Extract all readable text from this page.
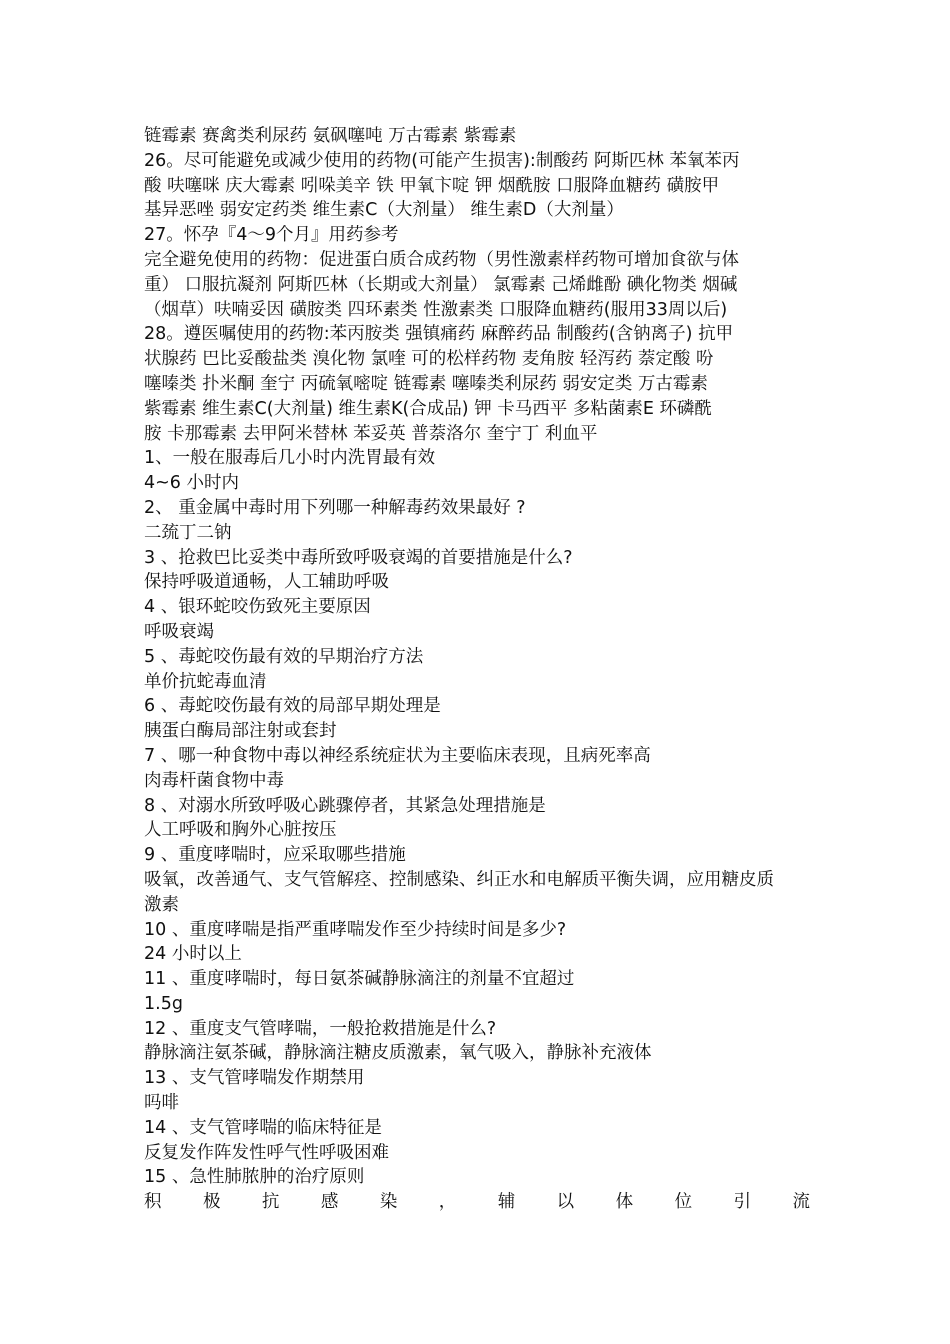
链霉素 赛禽类利尿药 氨砜噻吨 万古霉素 紫霉素
26。尽可能避免或减少使用的药物(可能产生损害):制酸药 阿斯匹林 苯氧苯丙
酸 呋噻咪 庆大霉素 吲哚美辛 铁 甲氧卞啶 钾 烟酰胺 口服降血糖药 磺胺甲
基异恶唑 弱安定药类 维生素C（大剂量） 维生素D（大剂量）
27。怀孕『4～9个月』用药参考
完全避免使用的药物：促进蛋白质合成药物（男性激素样药物可增加食欲与体
重） 口服抗凝剂 阿斯匹林（长期或大剂量） 氯霉素 己烯雌酚 碘化物类 烟碱
（烟草）呋喃妥因 磺胺类 四环素类 性激素类 口服降血糖药(服用33周以后)
28。遵医嘱使用的药物:苯丙胺类 强镇痛药 麻醉药品 制酸药(含钠离子) 抗甲
状腺药 巴比妥酸盐类 溴化物 氯喹 可的松样药物 麦角胺 轻泻药 萘定酸 吩
噻嗪类 扑米酮 奎宁 丙硫氧嘧啶 链霉素 噻嗪类利尿药 弱安定类 万古霉素
紫霉素 维生素C(大剂量) 维生素K(合成品) 钾 卡马西平 多粘菌素E 环磷酰
胺 卡那霉素 去甲阿米替林 苯妥英 普萘洛尔 奎宁丁 利血平
1、一般在服毒后几小时内洗胃最有效
4~6 小时内
2、 重金属中毒时用下列哪一种解毒药效果最好 ?
二巯丁二钠
3 、抢救巴比妥类中毒所致呼吸衰竭的首要措施是什么?
保持呼吸道通畅，人工辅助呼吸
4 、银环蛇咬伤致死主要原因
呼吸衰竭
5 、毒蛇咬伤最有效的早期治疗方法
单价抗蛇毒血清
6 、毒蛇咬伤最有效的局部早期处理是
胰蛋白酶局部注射或套封
7 、哪一种食物中毒以神经系统症状为主要临床表现，且病死率高
肉毒杆菌食物中毒
8 、对溺水所致呼吸心跳骤停者，其紧急处理措施是
人工呼吸和胸外心脏按压
9 、重度哮喘时，应采取哪些措施
吸氧，改善通气、支气管解痉、控制感染、纠正水和电解质平衡失调，应用糖皮质
激素
10 、重度哮喘是指严重哮喘发作至少持续时间是多少?
24 小时以上
11 、重度哮喘时，每日氨茶碱静脉滴注的剂量不宜超过
1.5g
12 、重度支气管哮喘，一般抢救措施是什么?
静脉滴注氨茶碱，静脉滴注糖皮质激素，氧气吸入，静脉补充液体
13 、支气管哮喘发作期禁用
吗啡
14 、支气管哮喘的临床特征是
反复发作阵发性呼气性呼吸困难
15 、急性肺脓肿的治疗原则
积 极 抗 感 染 ， 辅 以 体 位 引 流
